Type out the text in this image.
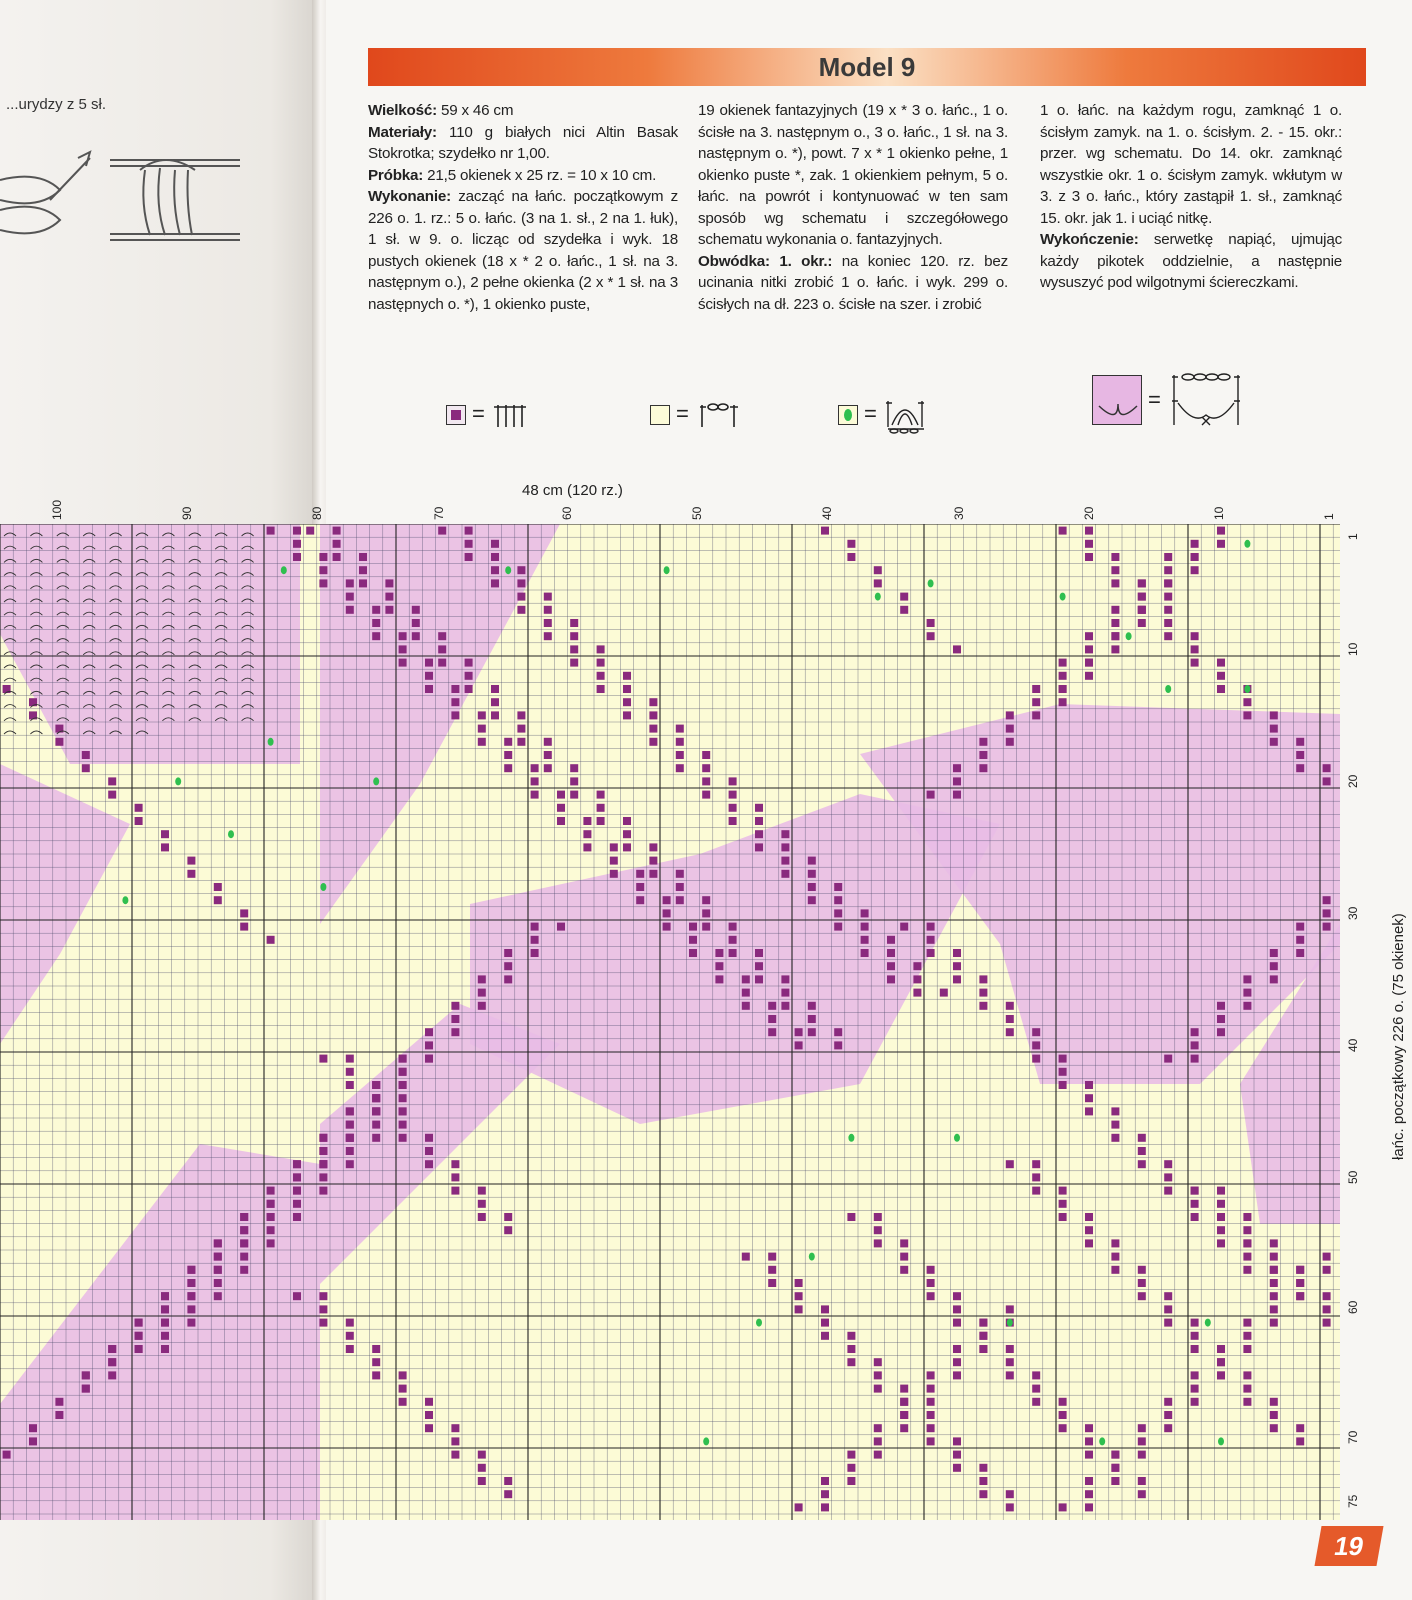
...urydzy z 5 sł.
Model 9
Wielkość: 59 x 46 cm
Materiały: 110 g białych nici Altin Basak Stokrotka; szydełko nr 1,00.
Próbka: 21,5 okienek x 25 rz. = 10 x 10 cm.
Wykonanie: zacząć na łańc. początkowym z 226 o. 1. rz.: 5 o. łańc. (3 na 1. sł., 2 na 1. łuk), 1 sł. w 9. o. licząc od szydełka i wyk. 18 pustych okienek (18 x * 2 o. łańc., 1 sł. na 3. następnym o.), 2 pełne okienka (2 x * 1 sł. na 3 następnych o. *), 1 okienko puste,

19 okienek fantazyjnych (19 x * 3 o. łańc., 1 o. ścisłe na 3. następnym o., 3 o. łańc., 1 sł. na 3. następnym o. *), powt. 7 x * 1 okienko pełne, 1 okienko puste *, zak. 1 okienkiem pełnym, 5 o. łańc. na powrót i kontynuować w ten sam sposób wg schematu i szczegółowego schematu wykonania o. fantazyjnych.
Obwódka: 1. okr.: na koniec 120. rz. bez ucinania nitki zrobić 1 o. łańc. i wyk. 299 o. ścisłych na dł. 223 o. ścisłe na szer. i zrobić

1 o. łańc. na każdym rogu, zamknąć 1 o. ścisłym zamyk. na 1. o. ścisłym. 2. - 15. okr.: przer. wg schematu. Do 14. okr. zamknąć wszystkie okr. 1 o. ścisłym zamyk. wkłutym w 3. z 3 o. łańc., który zastąpił 1. sł., zamknąć 15. okr. jak 1. i uciąć nitkę.
Wykończenie: serwetkę napiąć, ujmując każdy pikotek oddzielnie, a następnie wysuszyć pod wilgotnymi ściereczkami.

=	=	=
=
48 cm (120 rz.)
łańc. początkowy 226 o. (75 okienek)
100	90	80	70	60	50	40	30	20	10	1
1
10
20
30
40
50
60
70
75
19
